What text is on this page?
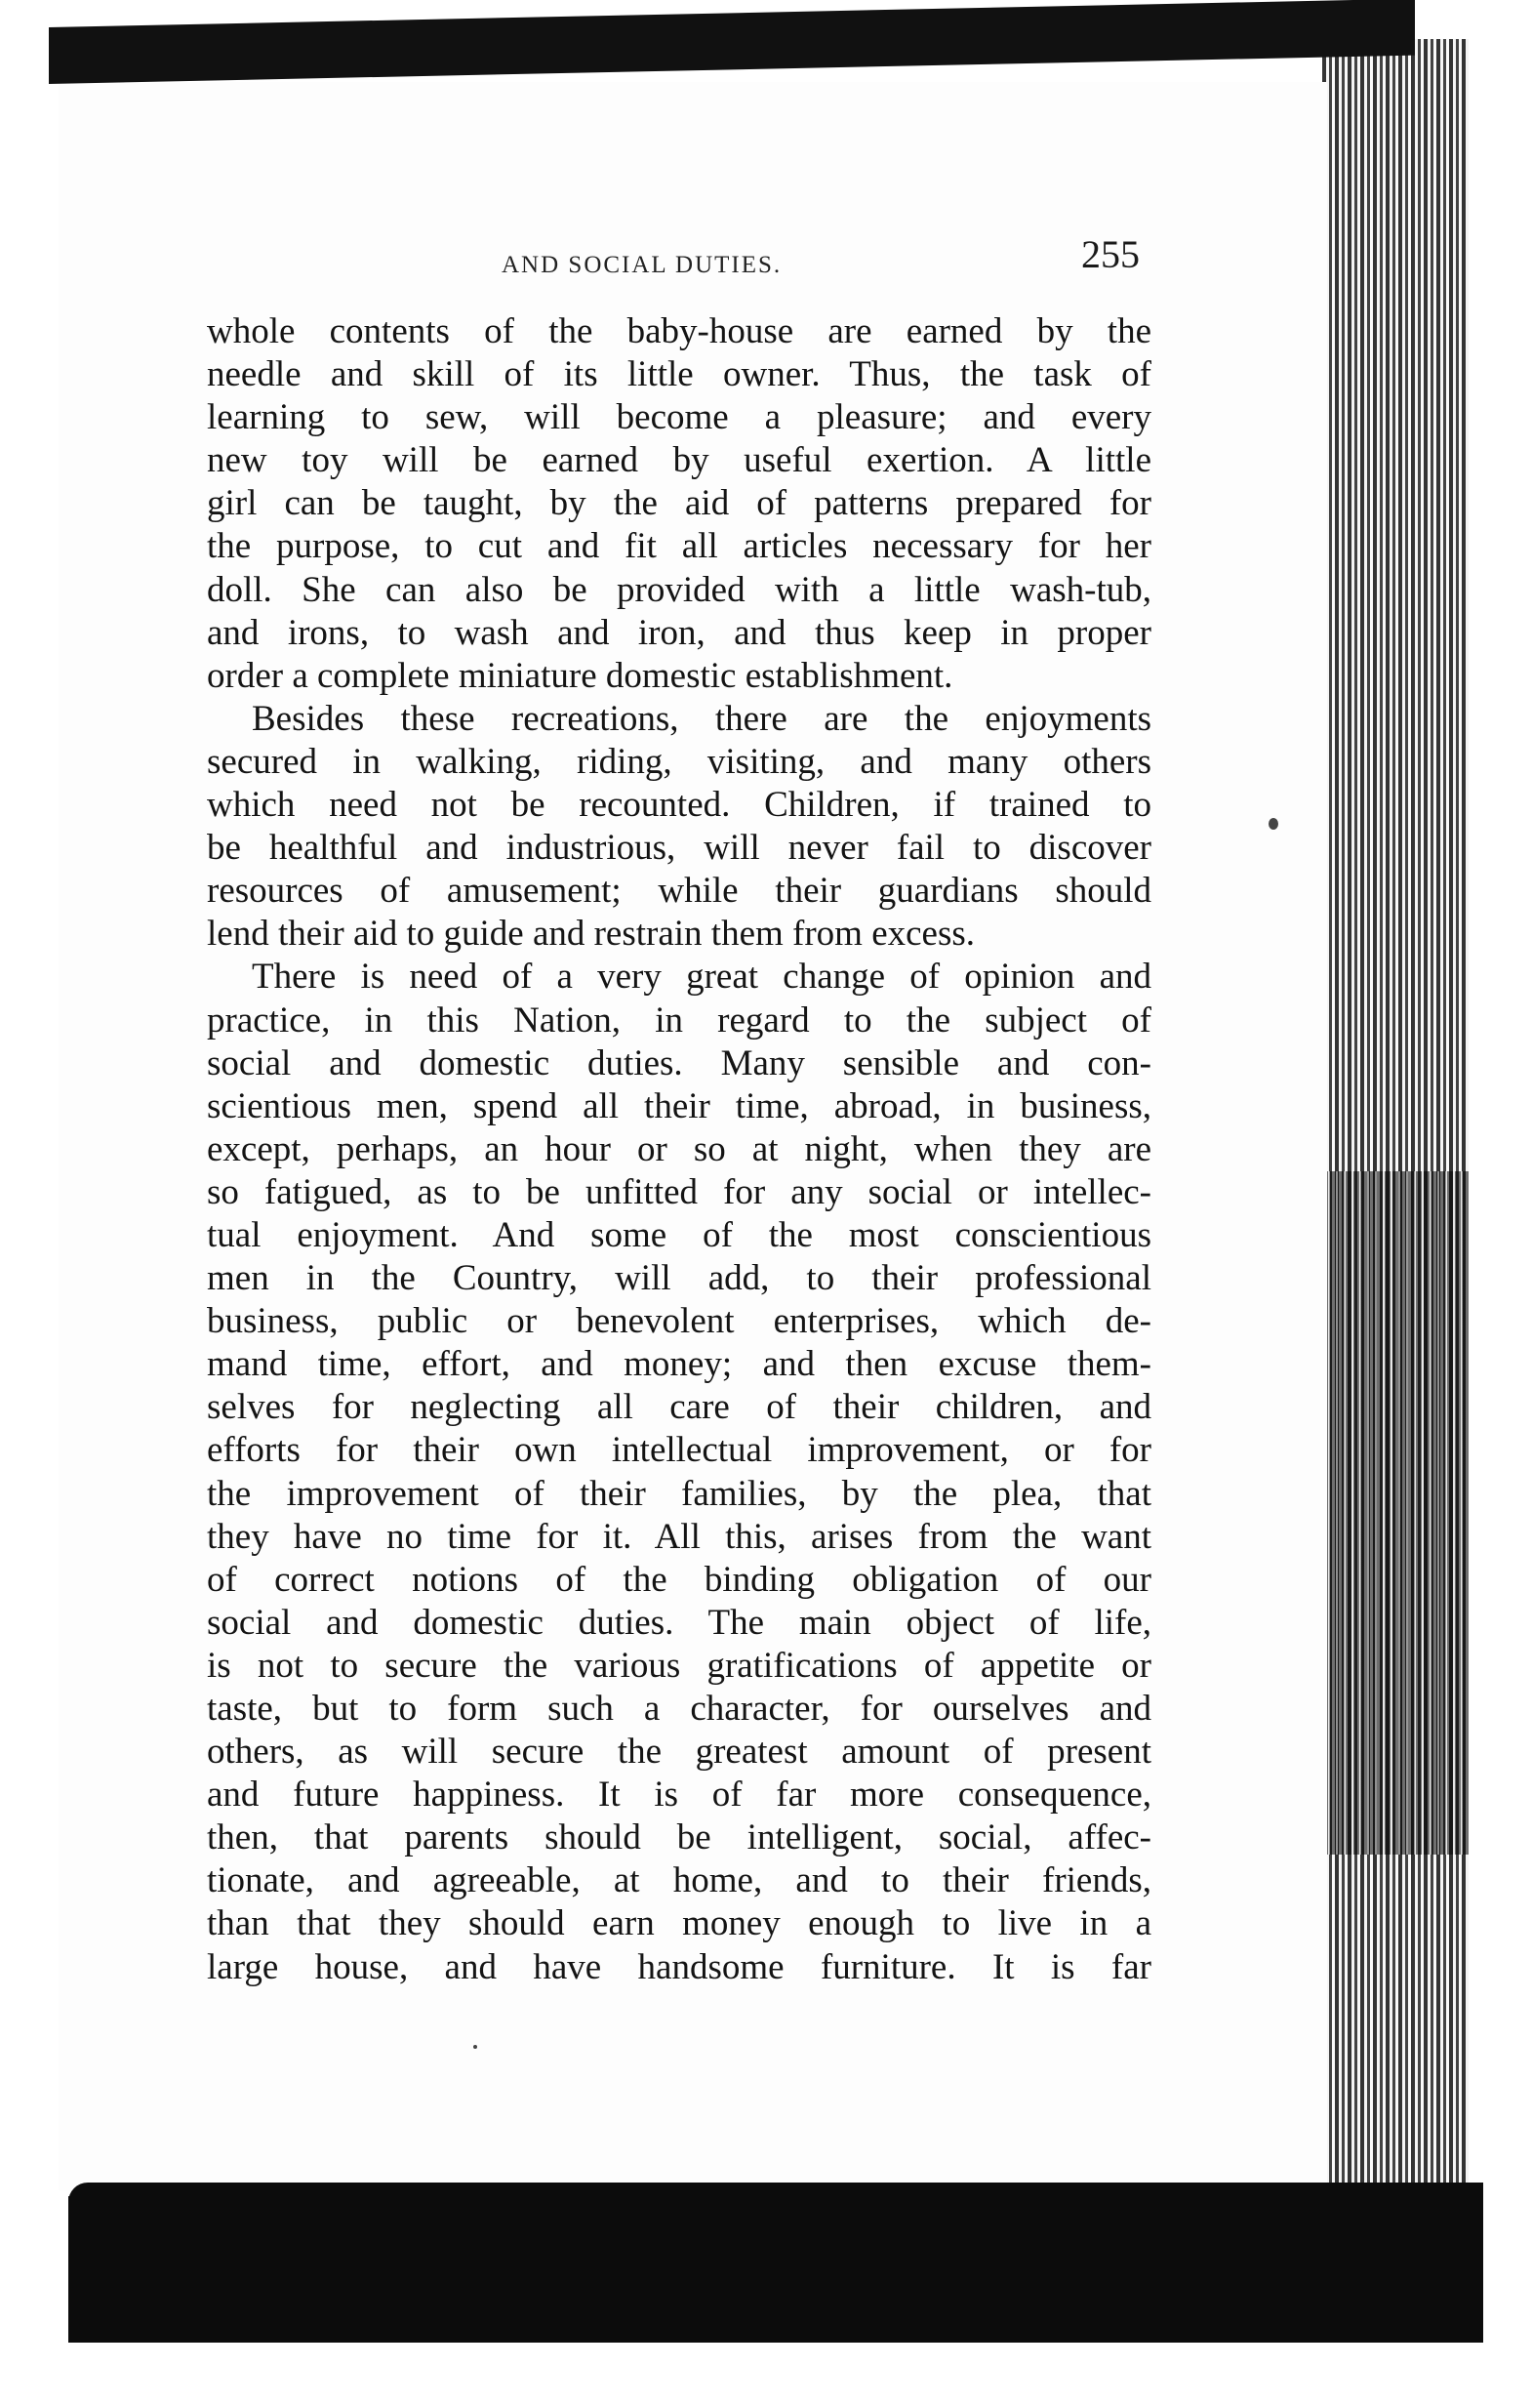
AND SOCIAL DUTIES.	255
whole contents of the baby-house are earned by the
needle and skill of its little owner. Thus, the task of
learning to sew, will become a pleasure; and every
new toy will be earned by useful exertion. A little
girl can be taught, by the aid of patterns prepared for
the purpose, to cut and fit all articles necessary for her
doll. She can also be provided with a little wash-tub,
and irons, to wash and iron, and thus keep in proper
order a complete miniature domestic establishment.
Besides these recreations, there are the enjoyments
secured in walking, riding, visiting, and many others
which need not be recounted. Children, if trained to
be healthful and industrious, will never fail to discover
resources of amusement; while their guardians should
lend their aid to guide and restrain them from excess.
There is need of a very great change of opinion and
practice, in this Nation, in regard to the subject of
social and domestic duties. Many sensible and con-
scientious men, spend all their time, abroad, in business,
except, perhaps, an hour or so at night, when they are
so fatigued, as to be unfitted for any social or intellec-
tual enjoyment. And some of the most conscientious
men in the Country, will add, to their professional
business, public or benevolent enterprises, which de-
mand time, effort, and money; and then excuse them-
selves for neglecting all care of their children, and
efforts for their own intellectual improvement, or for
the improvement of their families, by the plea, that
they have no time for it. All this, arises from the want
of correct notions of the binding obligation of our
social and domestic duties. The main object of life,
is not to secure the various gratifications of appetite or
taste, but to form such a character, for ourselves and
others, as will secure the greatest amount of present
and future happiness. It is of far more consequence,
then, that parents should be intelligent, social, affec-
tionate, and agreeable, at home, and to their friends,
than that they should earn money enough to live in a
large house, and have handsome furniture. It is far
